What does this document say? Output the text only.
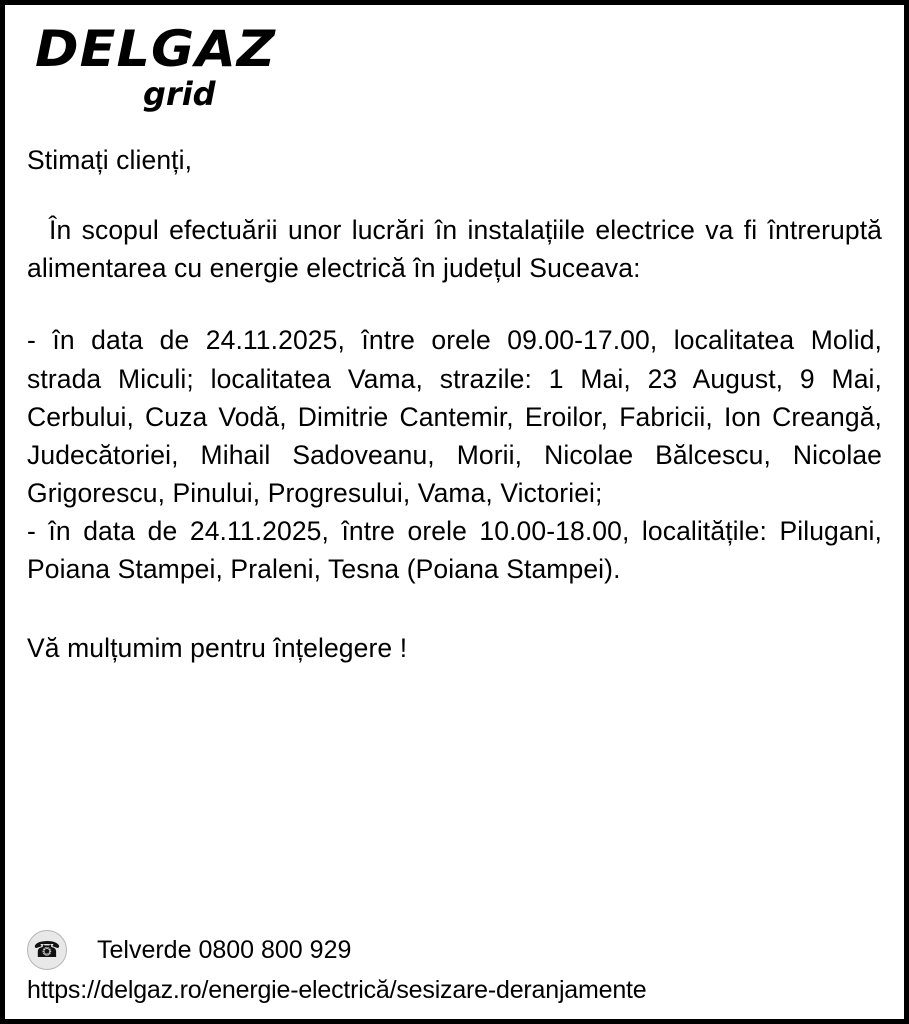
DELGAZ
grid
Stimați clienți,
În scopul efectuării unor lucrări în instalațiile electrice va fi întreruptă alimentarea cu energie electrică în județul Suceava:
- în data de 24.11.2025, între orele 09.00-17.00, localitatea Molid, strada Miculi; localitatea Vama, strazile: 1 Mai, 23 August, 9 Mai, Cerbului, Cuza Vodă, Dimitrie Cantemir, Eroilor, Fabricii, Ion Creangă, Judecătoriei, Mihail Sadoveanu, Morii, Nicolae Bălcescu, Nicolae Grigorescu, Pinului, Progresului, Vama, Victoriei;
- în data de 24.11.2025, între orele 10.00-18.00, localitățile: Pilugani, Poiana Stampei, Praleni, Tesna (Poiana Stampei).
Vă mulțumim pentru înțelegere !
☎ Telverde 0800 800 929
https://delgaz.ro/energie-electrică/sesizare-deranjamente
